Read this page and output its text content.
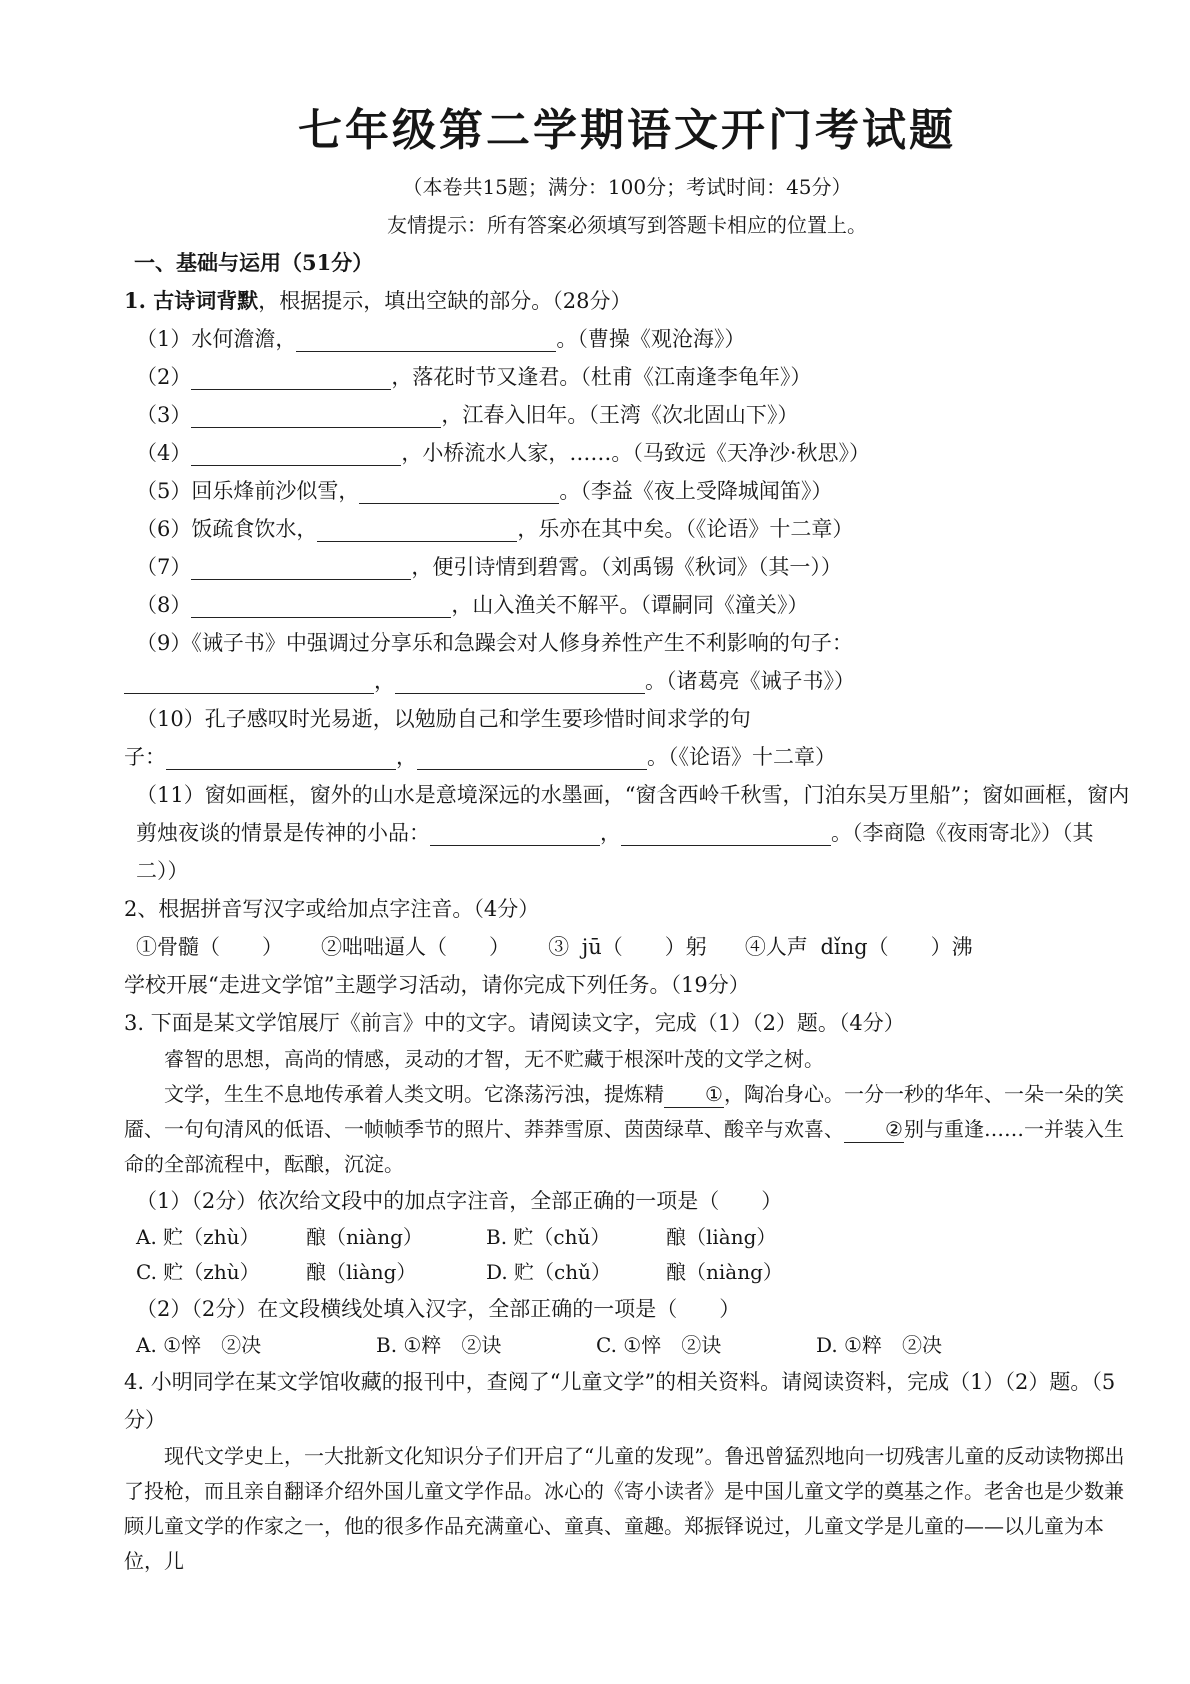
七年级第二学期语文开门考试题
（本卷共15题；满分：100分；考试时间：45分）
友情提示：所有答案必须填写到答题卡相应的位置上。
一、基础与运用（51分）
1. 古诗词背默，根据提示，填出空缺的部分。（28分）
（1）水何澹澹，	。（曹操《观沧海》）
（2）	，落花时节又逢君。（杜甫《江南逢李龟年》）
（3）	，江春入旧年。（王湾《次北固山下》）
（4）	，小桥流水人家，……。（马致远《天净沙·秋思》）
（5）回乐烽前沙似雪，	。（李益《夜上受降城闻笛》）
（6）饭疏食饮水，	，乐亦在其中矣。（《论语》十二章）
（7）	，便引诗情到碧霄。（刘禹锡《秋词》（其一））
（8）	，山入渔关不解平。（谭嗣同《潼关》）
（9）《诫子书》中强调过分享乐和急躁会对人修身养性产生不利影响的句子：
，	。（诸葛亮《诫子书》）
（10）孔子感叹时光易逝，以勉励自己和学生要珍惜时间求学的句
子：	，	。（《论语》十二章）
（11）窗如画框，窗外的山水是意境深远的水墨画，“窗含西岭千秋雪，门泊东吴万里船”；窗如画框，窗内剪烛夜谈的情景是传神的小品：	，	。（李商隐《夜雨寄北》）（其二））
2、根据拼音写汉字或给加点字注音。（4分）
①骨髓（　　） ②咄咄逼人（　　） ③ jū（　　）躬 ④人声 dǐng（　　）沸
学校开展“走进文学馆”主题学习活动，请你完成下列任务。（19分）
3. 下面是某文学馆展厅《前言》中的文字。请阅读文字，完成（1）（2）题。（4分）
睿智的思想，高尚的情感，灵动的才智，无不贮藏于根深叶茂的文学之树。
文学，生生不息地传承着人类文明。它涤荡污浊，提炼精 ①，陶冶身心。一分一秒的华年、一朵一朵的笑靥、一句句清风的低语、一帧帧季节的照片、莽莽雪原、茵茵绿草、酸辛与欢喜、 ②别与重逢……一并装入生命的全部流程中，酝酿，沉淀。
（1）（2分）依次给文段中的加点字注音，全部正确的一项是（　　）
A. 贮（zhù） 酿（niàng）	B. 贮（chǔ）	酿（liàng）
C. 贮（zhù） 酿（liàng）	D. 贮（chǔ）	酿（niàng）
（2）（2分）在文段横线处填入汉字，全部正确的一项是（　　）
A. ①悴　②决	B. ①粹　②诀	C. ①悴　②诀	D. ①粹　②决
4. 小明同学在某文学馆收藏的报刊中，查阅了“儿童文学”的相关资料。请阅读资料，完成（1）（2）题。（5分）
现代文学史上，一大批新文化知识分子们开启了“儿童的发现”。鲁迅曾猛烈地向一切残害儿童的反动读物掷出了投枪，而且亲自翻译介绍外国儿童文学作品。冰心的《寄小读者》是中国儿童文学的奠基之作。老舍也是少数兼顾儿童文学的作家之一，他的很多作品充满童心、童真、童趣。郑振铎说过，儿童文学是儿童的——以儿童为本位，儿
